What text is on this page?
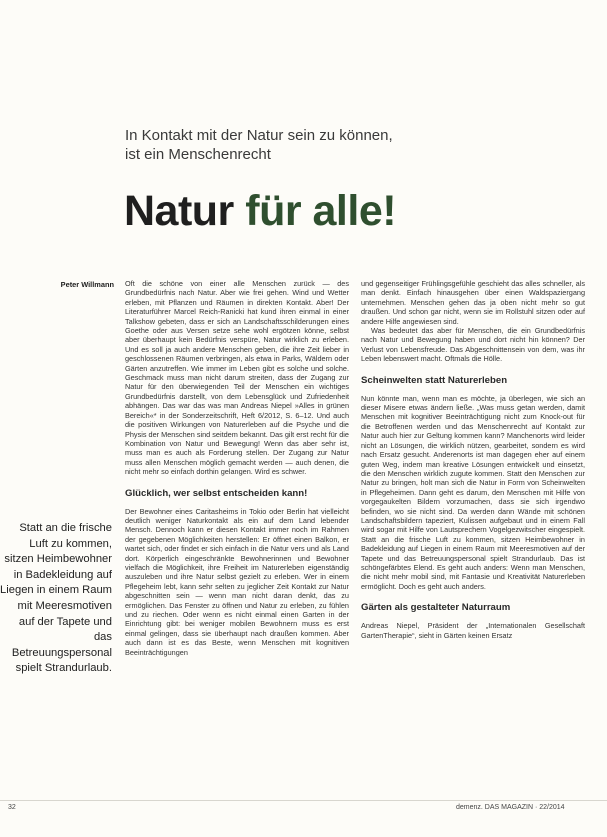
In Kontakt mit der Natur sein zu können,
ist ein Menschenrecht
Natur für alle!
Peter Willmann
Statt an die frische Luft zu kommen, sitzen Heimbewohner in Badekleidung auf Liegen in einem Raum mit Meeresmotiven auf der Tapete und das Betreuungspersonal spielt Strandurlaub.

Oft die schöne von einer alle Menschen zurück — des Grundbedürfnis nach Natur. Aber wie frei gehen. Wind und Wetter erleben, mit Pflanzen und Räumen in direkten Kontakt. Aber! Der Literaturführer Marcel Reich-Ranicki hat kund ihren einmal in einer Talkshow gebeten, dass er sich an Landschaftsschilderungen eines Goethe oder aus Versen setze sehe wohl ergötzen könne, selbst aber überhaupt kein Bedürfnis verspüre, Natur wirklich zu erleben. Und es soll ja auch andere Menschen geben, die ihre Zeit lieber in geschlossenen Räumen verbringen, als etwa in Parks, Wäldern oder Gärten anzutreffen. Wie immer im Leben gibt es solche und solche. Geschmack muss man nicht darum streiten, dass der Zugang zur Natur für den überwiegenden Teil der Menschen ein wichtiges Grundbedürfnis darstellt, von dem Lebensglück und Zufriedenheit abhängen. Das war das was man Andreas Niepel »Alles in grünen Bereich«* in der Sonderzeitschrift, Heft 6/2012, S. 6–12. Und auch die positiven Wirkungen von Naturerleben auf die Psyche und die Physis der Menschen sind seitdem bekannt. Das gilt erst recht für die Kombination von Natur und Bewegung! Wenn das aber sehr ist, muss man es auch als Forderung stellen. Der Zugang zur Natur muss allen Menschen möglich gemacht werden — auch denen, die nicht mehr so einfach dorthin gelangen. Wird es schwer.

Glücklich, wer selbst entscheiden kann!

Der Bewohner eines Caritasheims in Tokio oder Berlin hat vielleicht deutlich weniger Naturkontakt als ein auf dem Land lebender Mensch. Dennoch kann er diesen Kontakt immer noch im Rahmen der gegebenen Möglichkeiten herstellen: Er öffnet einen Balkon, er wartet sich, oder findet er sich einfach in die Natur vers und als Land dort. Körperlich eingeschränkte Bewohnerinnen und Bewohner vielfach die Möglichkeit, ihre Freiheit im Naturerleben eigenständig auszuleben und ihre Natur selbst gezielt zu erleben. Wer in einem Pflegeheim lebt, kann sehr selten zu jeglicher Zeit Kontakt zur Natur abgeschnitten sein — wenn man nicht daran denkt, das zu ermöglichen. Das Fenster zu öffnen und Natur zu erleben, zu fühlen und zu riechen. Oder wenn es nicht einmal einen Garten in der Einrichtung gibt: bei weniger mobilen Bewohnern muss es erst einmal gelingen, dass sie überhaupt nach draußen kommen. Aber auch dann ist es das Beste, wenn Menschen mit kognitiven Beeinträchtigungen

und gegenseitiger Frühlingsgefühle geschieht das alles schneller, als man denkt. Einfach hinausgehen über einen Waldspaziergang unternehmen. Menschen gehen das ja oben nicht mehr so gut draußen. Und schon gar nicht, wenn sie im Rollstuhl sitzen oder auf andere Hilfe angewiesen sind.

Was bedeutet das aber für Menschen, die ein Grundbedürfnis nach Natur und Bewegung haben und dort nicht hin können? Der Verlust von Lebensfreude. Das Abgeschnittensein von dem, was ihr Leben lebenswert macht. Oftmals die Hölle.

Scheinwelten statt Naturerleben

Nun könnte man, wenn man es möchte, ja überlegen, wie sich an dieser Misere etwas ändern ließe. „Was muss getan werden, damit Menschen mit kognitiver Beeinträchtigung nicht zum Knock-out für die Betroffenen werden und das Menschenrecht auf Kontakt zur Natur auch hier zur Geltung kommen kann? Manchenorts wird leider nicht an Lösungen, die wirklich nützen, gearbeitet, sondern es wird nach Ersatz gesucht. Anderenorts ist man dagegen eher auf einem guten Weg, indem man kreative Lösungen entwickelt und einsetzt, die den Menschen wirklich zugute kommen. Statt den Menschen zur Natur zu bringen, holt man sich die Natur in Form von Scheinwelten in Pflegeheimen. Dann geht es darum, den Menschen mit Hilfe von vorgegaukelten Bildern vorzumachen, dass sie sich irgendwo befinden, wo sie nicht sind. Da werden dann Wände mit schönen Landschaftsbildern tapeziert, Kulissen aufgebaut und in einem Fall wird sogar mit Hilfe von Lautsprechern Vogelgezwitscher eingespielt. Statt an die frische Luft zu kommen, sitzen Heimbewohner in Badekleidung auf Liegen in einem Raum mit Meeresmotiven auf der Tapete und das Betreuungspersonal spielt Strandurlaub. Das ist schöngefärbtes Elend. Es geht auch anders: Wenn man Menschen, die nicht mehr mobil sind, mit Fantasie und Kreativität Naturerleben ermöglicht. Doch es geht auch anders.

Gärten als gestalteter Naturraum

Andreas Niepel, Präsident der „Internationalen Gesellschaft GartenTherapie“, sieht in Gärten keinen Ersatz

32	demenz. DAS MAGAZIN · 22/2014
